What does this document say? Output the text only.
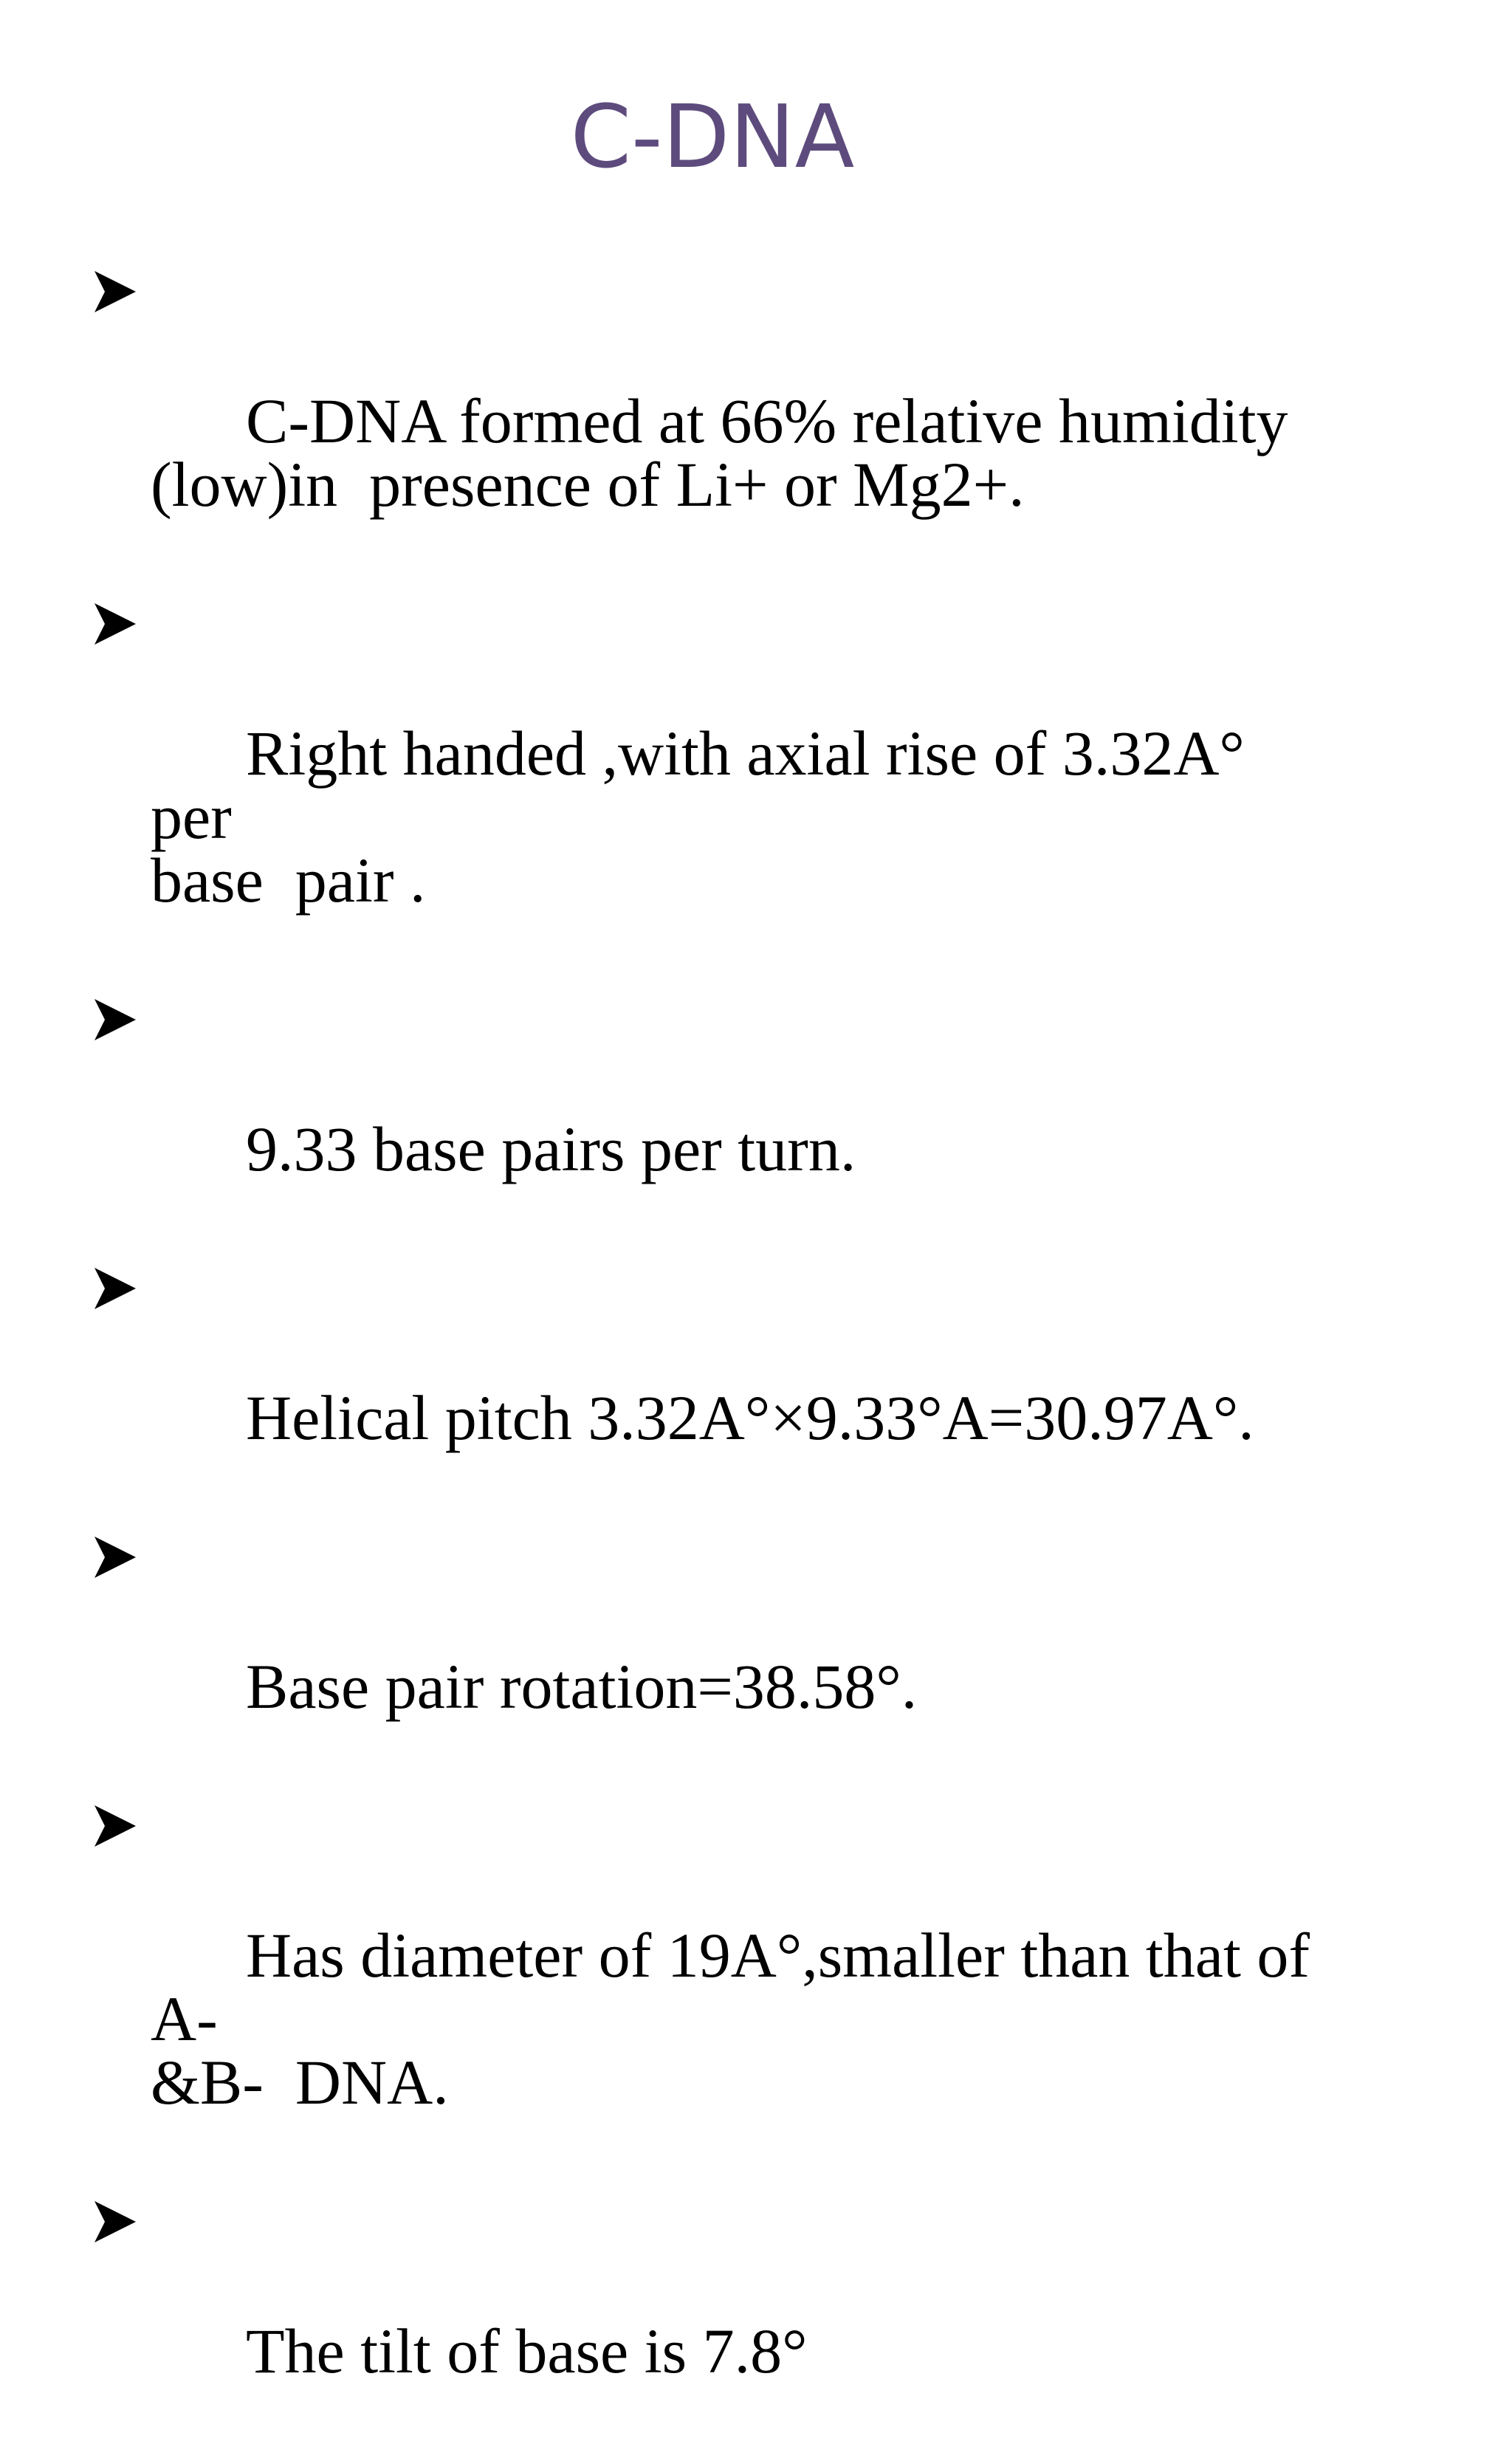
C-DNA

C-DNA formed at 66% relative humidity
(low)in  presence of Li+ or Mg2+.

Right handed ,with axial rise of 3.32A° per
base  pair .

9.33 base pairs per turn.

Helical pitch 3.32A°×9.33°A=30.97A°.

Base pair rotation=38.58°.

Has diameter of 19A°,smaller than that of A-
&B-  DNA.

The tilt of base is 7.8°
